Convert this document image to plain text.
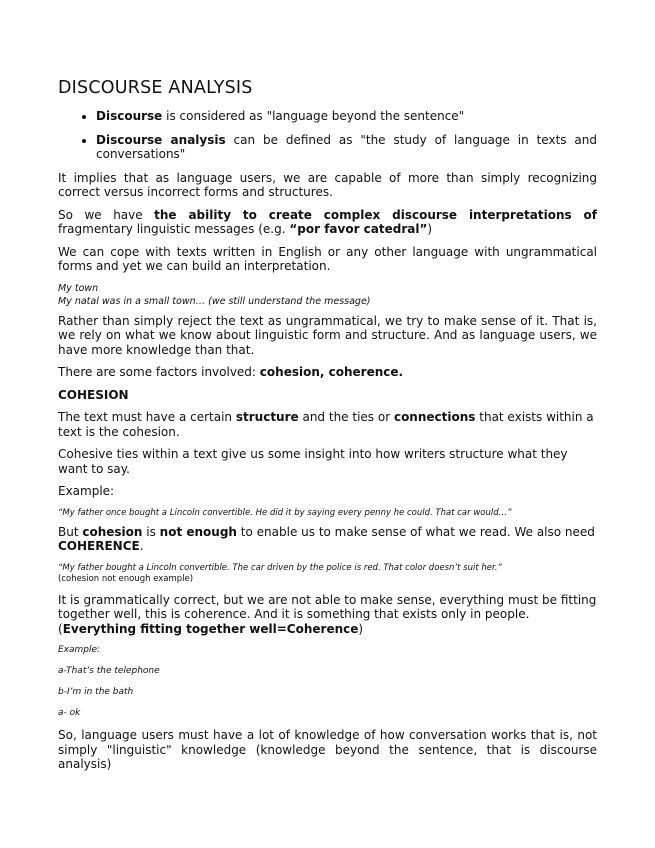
DISCOURSE ANALYSIS
• Discourse is considered as "language beyond the sentence"
• Discourse analysis can be defined as "the study of language in texts and conversations"

It implies that as language users, we are capable of more than simply recognizing correct versus incorrect forms and structures.

So we have the ability to create complex discourse interpretations of fragmentary linguistic messages (e.g. “por favor catedral”)

We can cope with texts written in English or any other language with ungrammatical forms and yet we can build an interpretation.

My town

My natal was in a small town… (we still understand the message)

Rather than simply reject the text as ungrammatical, we try to make sense of it. That is, we rely on what we know about linguistic form and structure. And as language users, we have more knowledge than that.

There are some factors involved: cohesion, coherence.

COHESION

The text must have a certain structure and the ties or connections that exists within a text is the cohesion.

Cohesive ties within a text give us some insight into how writers structure what they want to say.

Example:

“My father once bought a Lincoln convertible. He did it by saying every penny he could. That car would…”

But cohesion is not enough to enable us to make sense of what we read. We also need COHERENCE.

“My father bought a Lincoln convertible. The car driven by the police is red. That color doesn’t suit her.”

(cohesion not enough example)

It is grammatically correct, but we are not able to make sense, everything must be fitting together well, this is coherence. And it is something that exists only in people.
(Everything fitting together well=Coherence)

Example:

a-That’s the telephone

b-I’m in the bath

a- ok

So, language users must have a lot of knowledge of how conversation works that is, not simply "linguistic" knowledge (knowledge beyond the sentence, that is discourse analysis)
